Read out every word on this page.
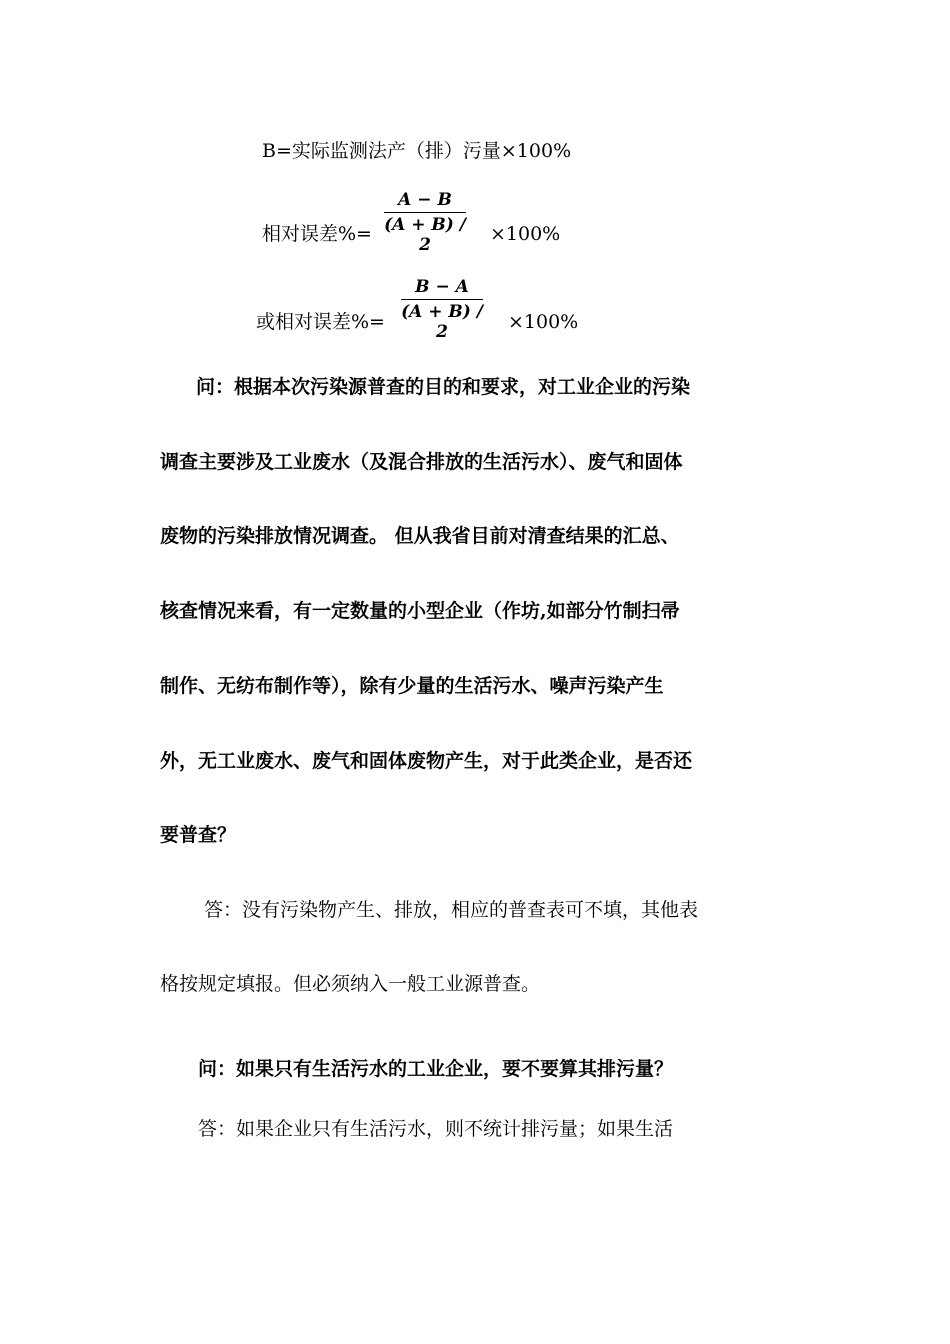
B=实际监测法产（排）污量×100%
相对误差%=
A − B
(A + B) / 2	×100%
或相对误差%=
B − A
(A + B) / 2	×100%
问：根据本次污染源普查的目的和要求，对工业企业的污染
调查主要涉及工业废水（及混合排放的生活污水）、废气和固体
废物的污染排放情况调查。 但从我省目前对清查结果的汇总、
核查情况来看，有一定数量的小型企业（作坊,如部分竹制扫帚
制作、无纺布制作等），除有少量的生活污水、噪声污染产生
外，无工业废水、废气和固体废物产生，对于此类企业，是否还
要普查？
答：没有污染物产生、排放，相应的普查表可不填，其他表
格按规定填报。但必须纳入一般工业源普查。
问：如果只有生活污水的工业企业，要不要算其排污量？
答：如果企业只有生活污水，则不统计排污量；如果生活
